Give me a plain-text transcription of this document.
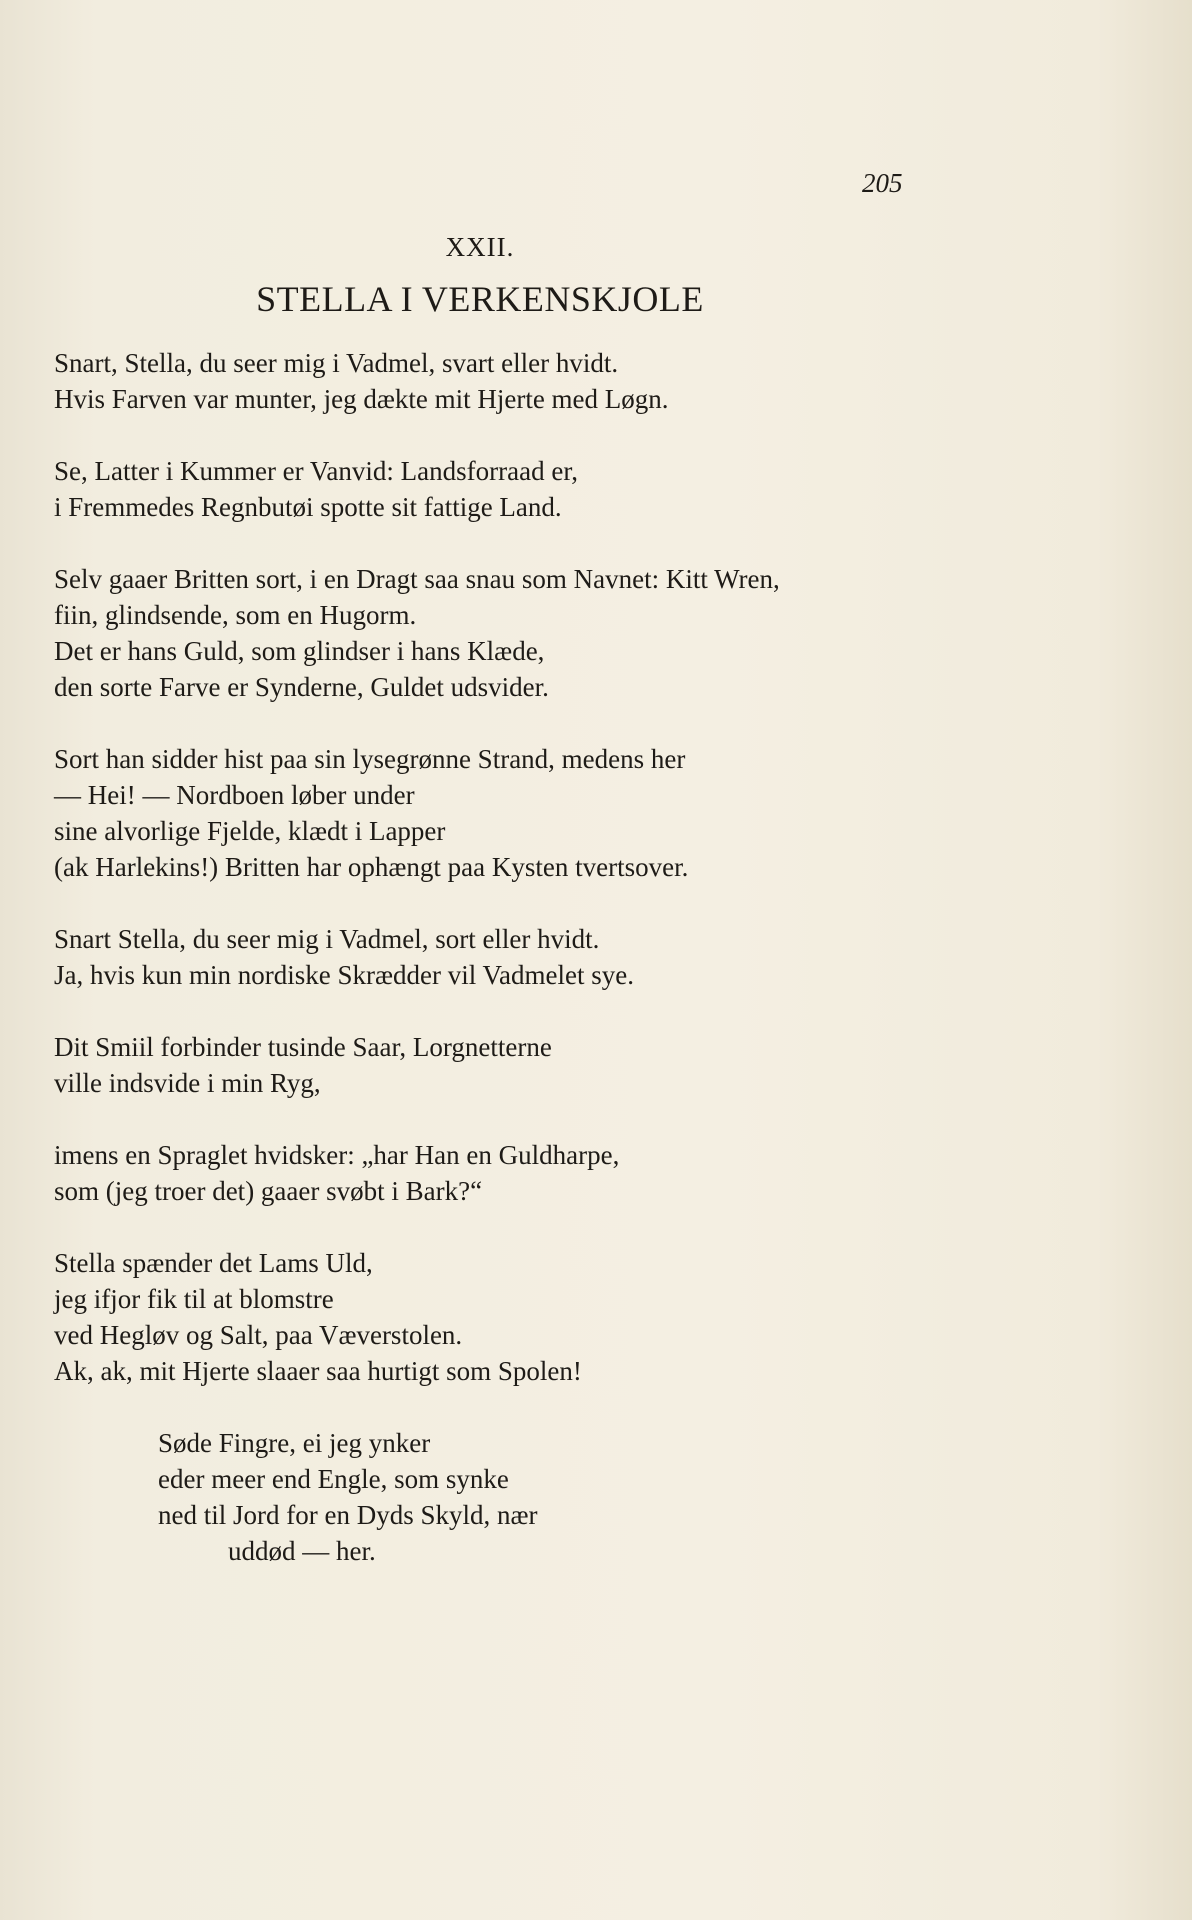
205
XXII.
STELLA I VERKENSKJOLE
Snart, Stella, du seer mig i Vadmel, svart eller hvidt.
Hvis Farven var munter, jeg dækte mit Hjerte med Løgn.
Se, Latter i Kummer er Vanvid: Landsforraad er,
i Fremmedes Regnbutøi spotte sit fattige Land.
Selv gaaer Britten sort, i en Dragt saa snau som Navnet: Kitt Wren,
fiin, glindsende, som en Hugorm.
Det er hans Guld, som glindser i hans Klæde,
den sorte Farve er Synderne, Guldet udsvider.
Sort han sidder hist paa sin lysegrønne Strand, medens her
— Hei! — Nordboen løber under
sine alvorlige Fjelde, klædt i Lapper
(ak Harlekins!) Britten har ophængt paa Kysten tvertsover.
Snart Stella, du seer mig i Vadmel, sort eller hvidt.
Ja, hvis kun min nordiske Skrædder vil Vadmelet sye.
Dit Smiil forbinder tusinde Saar, Lorgnetterne
ville indsvide i min Ryg,
imens en Spraglet hvidsker: „har Han en Guldharpe,
som (jeg troer det) gaaer svøbt i Bark?“
Stella spænder det Lams Uld,
jeg ifjor fik til at blomstre
ved Hegløv og Salt, paa Væverstolen.
Ak, ak, mit Hjerte slaaer saa hurtigt som Spolen!
Søde Fingre, ei jeg ynker
eder meer end Engle, som synke
ned til Jord for en Dyds Skyld, nær
uddød — her.
